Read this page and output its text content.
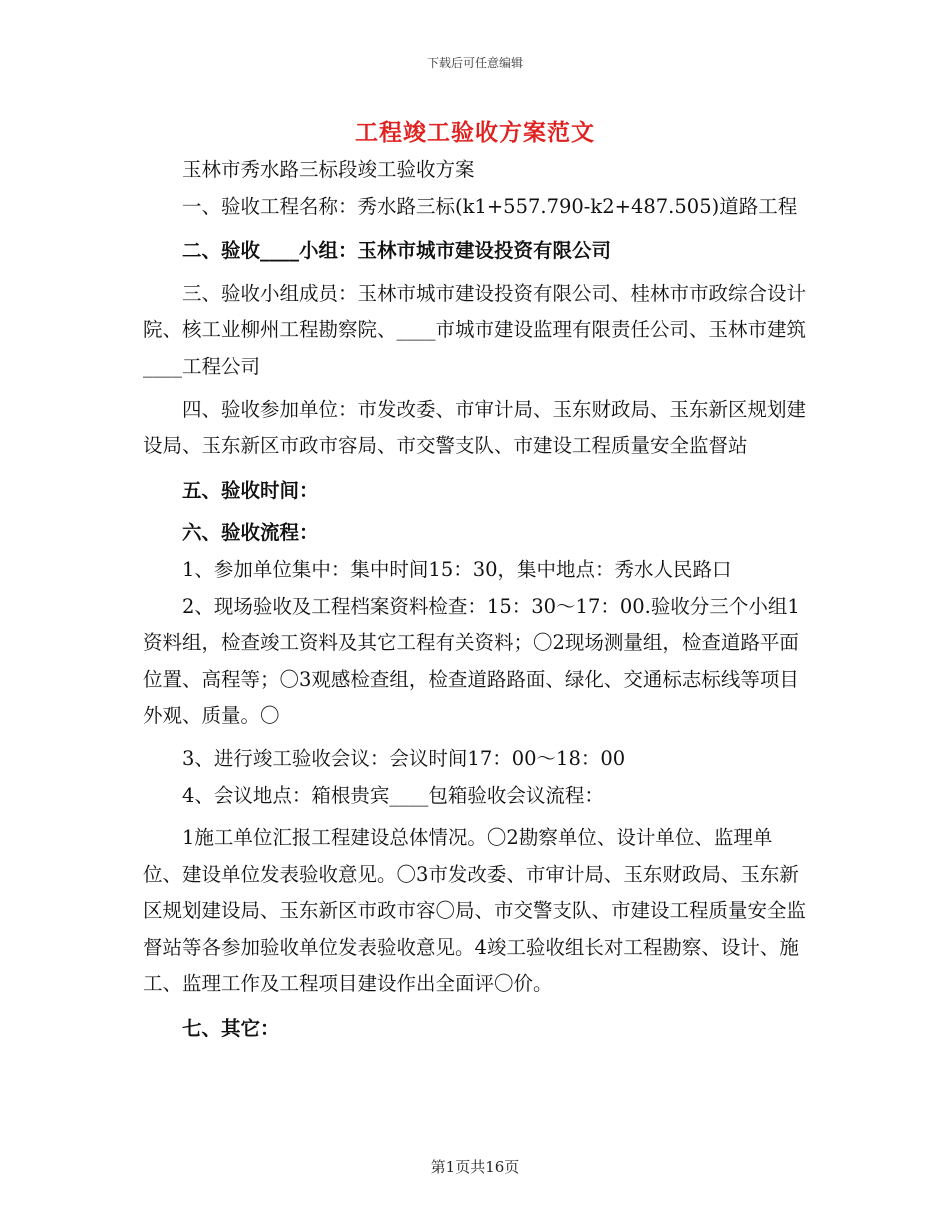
下载后可任意编辑
工程竣工验收方案范文

玉林市秀水路三标段竣工验收方案

一、验收工程名称：秀水路三标(k1+557.790-k2+487.505)道路工程

二、验收____小组：玉林市城市建设投资有限公司

三、验收小组成员：玉林市城市建设投资有限公司、桂林市市政综合设计院、核工业柳州工程勘察院、____市城市建设监理有限责任公司、玉林市建筑____工程公司

四、验收参加单位：市发改委、市审计局、玉东财政局、玉东新区规划建设局、玉东新区市政市容局、市交警支队、市建设工程质量安全监督站

五、验收时间：

六、验收流程：

1、参加单位集中：集中时间15：30，集中地点：秀水人民路口

2、现场验收及工程档案资料检查：15：30～17：00.验收分三个小组1资料组，检查竣工资料及其它工程有关资料；〇2现场测量组，检查道路平面位置、高程等；〇3观感检查组，检查道路路面、绿化、交通标志标线等项目外观、质量。〇

3、进行竣工验收会议：会议时间17：00～18：00

4、会议地点：箱根贵宾____包箱验收会议流程：

1施工单位汇报工程建设总体情况。〇2勘察单位、设计单位、监理单位、建设单位发表验收意见。〇3市发改委、市审计局、玉东财政局、玉东新区规划建设局、玉东新区市政市容〇局、市交警支队、市建设工程质量安全监督站等各参加验收单位发表验收意见。4竣工验收组长对工程勘察、设计、施工、监理工作及工程项目建设作出全面评〇价。

七、其它：

第1页共16页
